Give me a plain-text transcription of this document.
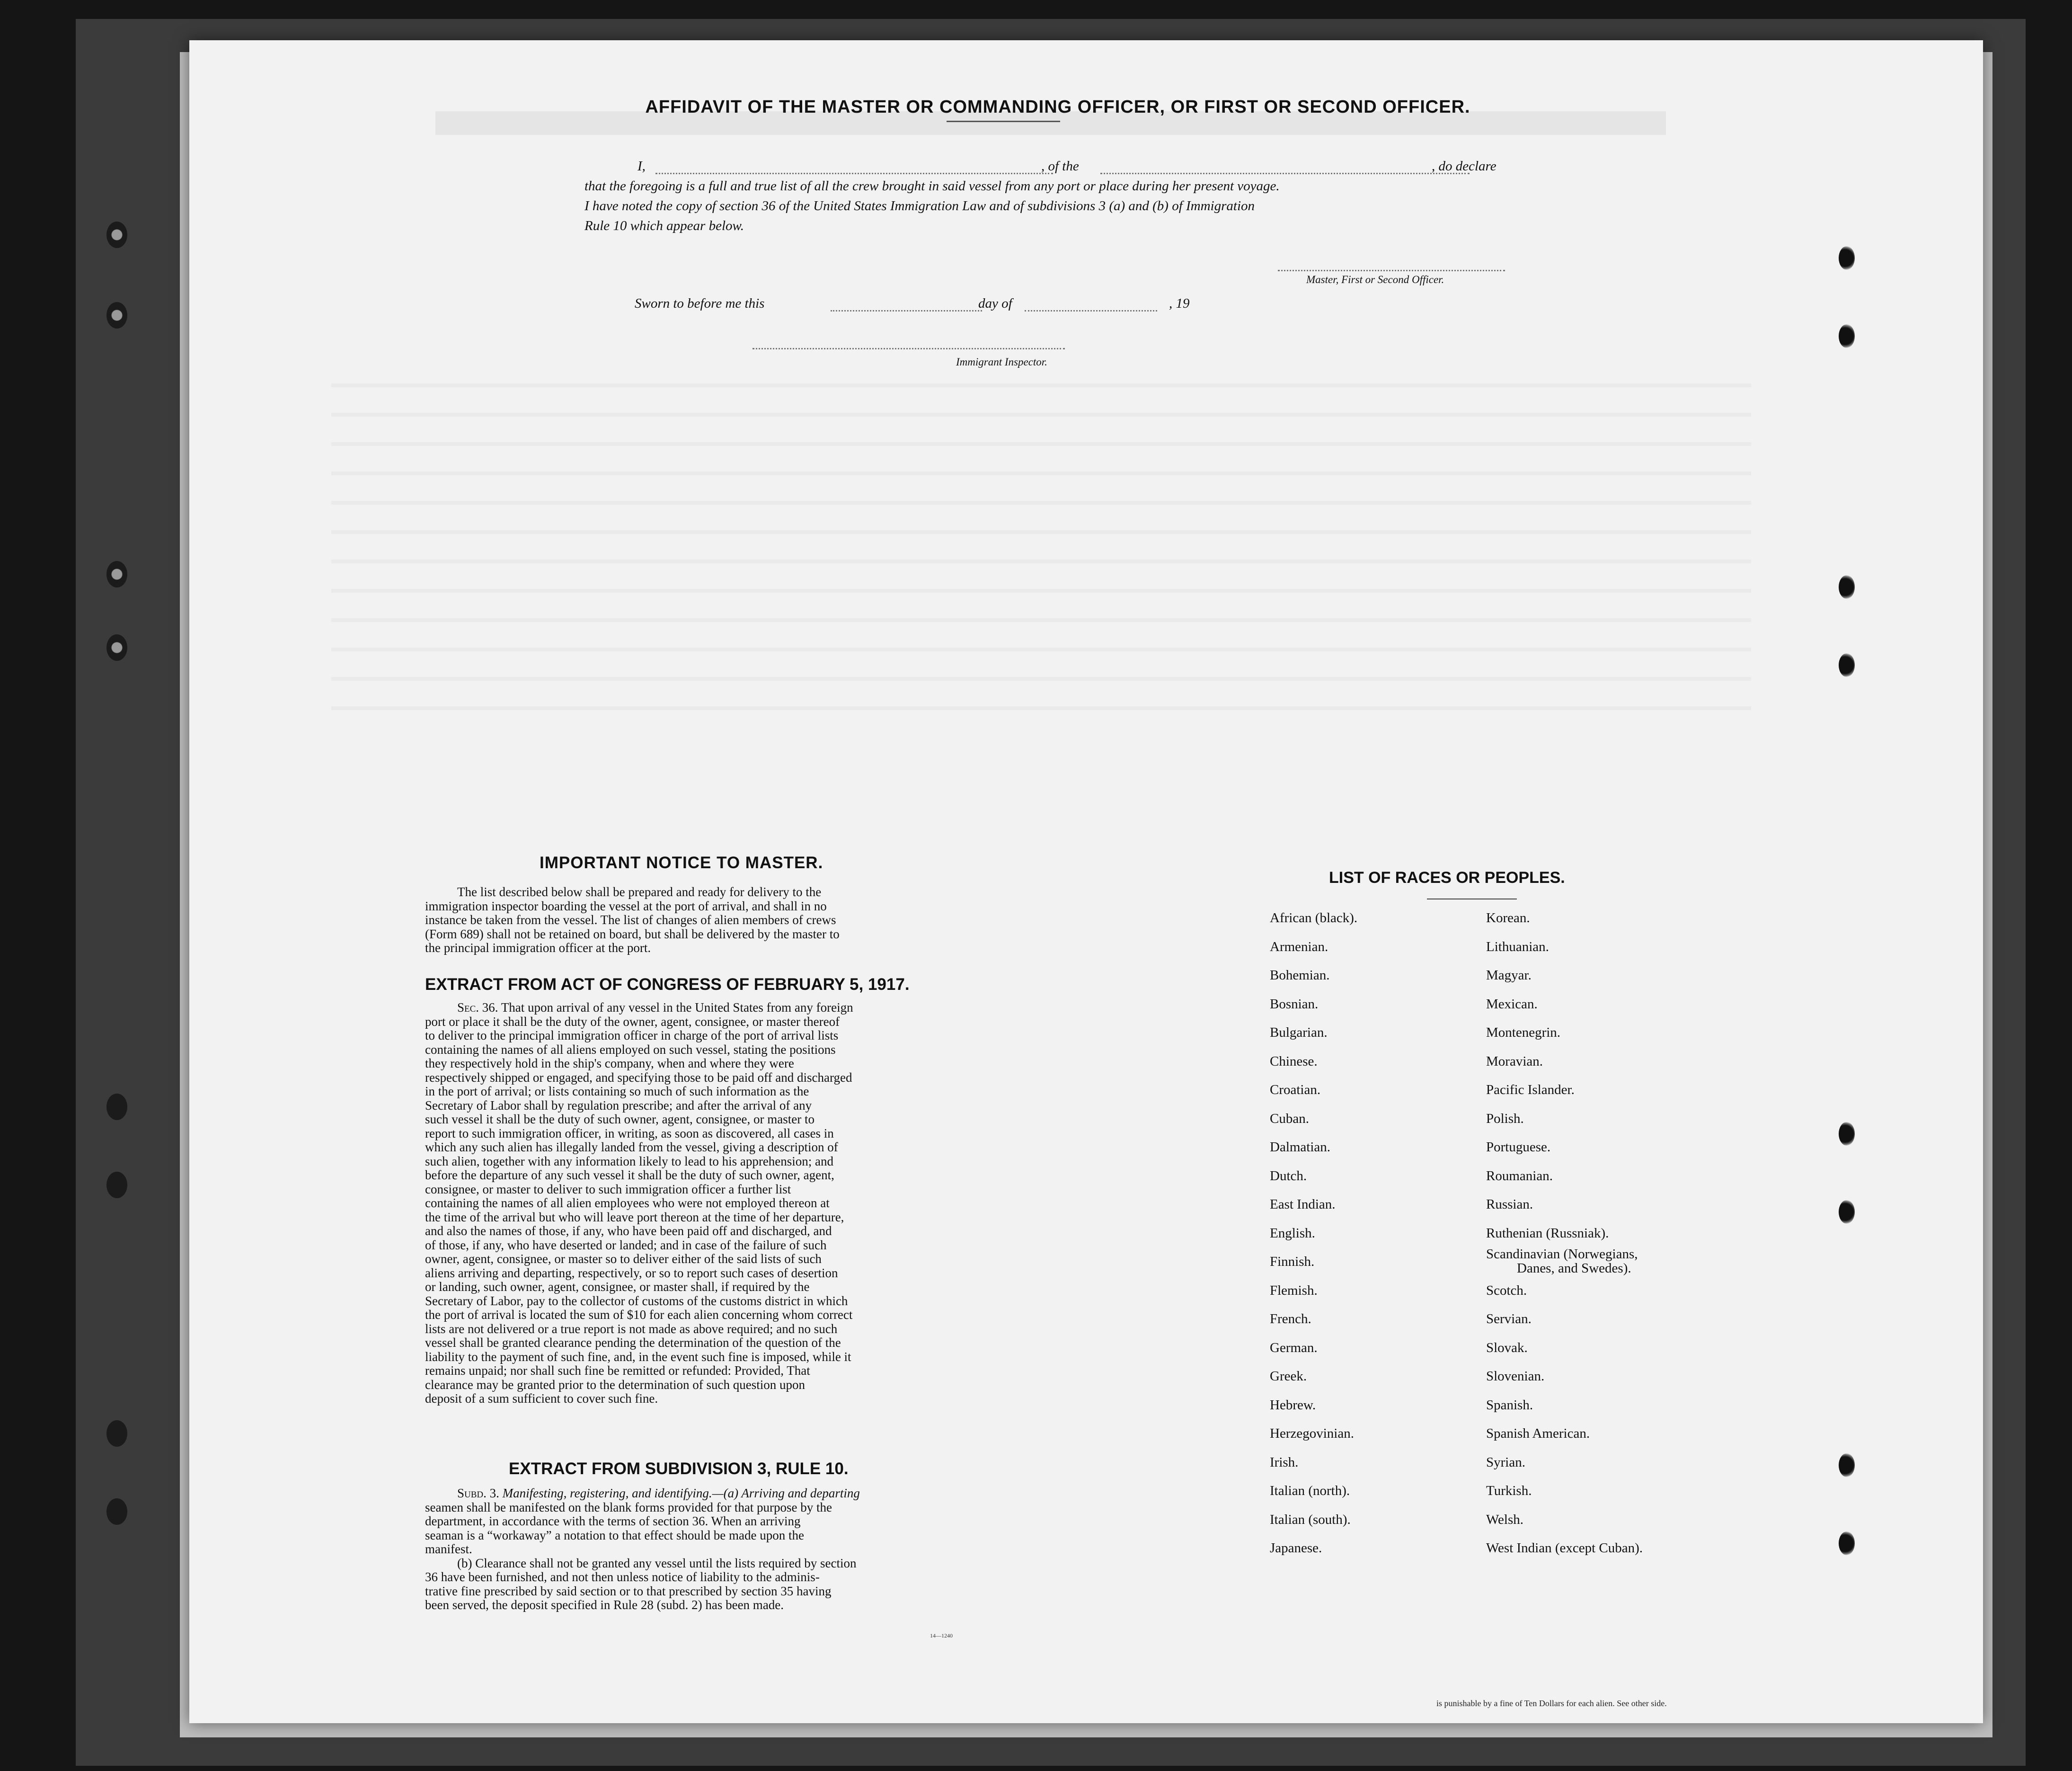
AFFIDAVIT OF THE MASTER OR COMMANDING OFFICER, OR FIRST OR SECOND OFFICER.
I,	, of the	, do declare
that the foregoing is a full and true list of all the crew brought in said vessel from any port or place during her present voyage.
I have noted the copy of section 36 of the United States Immigration Law and of subdivisions 3 (a) and (b) of Immigration
Rule 10 which appear below.
Master, First or Second Officer.
Sworn to before me this	day of	, 19
Immigrant Inspector.
IMPORTANT NOTICE TO MASTER.

The list described below shall be prepared and ready for delivery to the

immigration inspector boarding the vessel at the port of arrival, and shall in no

instance be taken from the vessel. The list of changes of alien members of crews

(Form 689) shall not be retained on board, but shall be delivered by the master to

the principal immigration officer at the port.

EXTRACT FROM ACT OF CONGRESS OF FEBRUARY 5, 1917.

Sec. 36. That upon arrival of any vessel in the United States from any foreign

port or place it shall be the duty of the owner, agent, consignee, or master thereof

to deliver to the principal immigration officer in charge of the port of arrival lists

containing the names of all aliens employed on such vessel, stating the positions

they respectively hold in the ship's company, when and where they were

respectively shipped or engaged, and specifying those to be paid off and discharged

in the port of arrival; or lists containing so much of such information as the

Secretary of Labor shall by regulation prescribe; and after the arrival of any

such vessel it shall be the duty of such owner, agent, consignee, or master to

report to such immigration officer, in writing, as soon as discovered, all cases in

which any such alien has illegally landed from the vessel, giving a description of

such alien, together with any information likely to lead to his apprehension; and

before the departure of any such vessel it shall be the duty of such owner, agent,

consignee, or master to deliver to such immigration officer a further list

containing the names of all alien employees who were not employed thereon at

the time of the arrival but who will leave port thereon at the time of her departure,

and also the names of those, if any, who have been paid off and discharged, and

of those, if any, who have deserted or landed; and in case of the failure of such

owner, agent, consignee, or master so to deliver either of the said lists of such

aliens arriving and departing, respectively, or so to report such cases of desertion

or landing, such owner, agent, consignee, or master shall, if required by the

Secretary of Labor, pay to the collector of customs of the customs district in which

the port of arrival is located the sum of $10 for each alien concerning whom correct

lists are not delivered or a true report is not made as above required; and no such

vessel shall be granted clearance pending the determination of the question of the

liability to the payment of such fine, and, in the event such fine is imposed, while it

remains unpaid; nor shall such fine be remitted or refunded: Provided, That

clearance may be granted prior to the determination of such question upon

deposit of a sum sufficient to cover such fine.

EXTRACT FROM SUBDIVISION 3, RULE 10.

Subd. 3. Manifesting, registering, and identifying.—(a) Arriving and departing

seamen shall be manifested on the blank forms provided for that purpose by the

department, in accordance with the terms of section 36. When an arriving

seaman is a “workaway” a notation to that effect should be made upon the

manifest.

(b) Clearance shall not be granted any vessel until the lists required by section

36 have been furnished, and not then unless notice of liability to the adminis-

trative fine prescribed by said section or to that prescribed by section 35 having

been served, the deposit specified in Rule 28 (subd. 2) has been made.

14—1240
LIST OF RACES OR PEOPLES.
African (black).
Armenian.
Bohemian.
Bosnian.
Bulgarian.
Chinese.
Croatian.
Cuban.
Dalmatian.
Dutch.
East Indian.
English.
Finnish.
Flemish.
French.
German.
Greek.
Hebrew.
Herzegovinian.
Irish.
Italian (north).
Italian (south).
Japanese.
Korean.
Lithuanian.
Magyar.
Mexican.
Montenegrin.
Moravian.
Pacific Islander.
Polish.
Portuguese.
Roumanian.
Russian.
Ruthenian (Russniak).
Scandinavian (Norwegians,
Danes, and Swedes).
Scotch.
Servian.
Slovak.
Slovenian.
Spanish.
Spanish American.
Syrian.
Turkish.
Welsh.
West Indian (except Cuban).
is punishable by a fine of Ten Dollars for each alien. See other side.
